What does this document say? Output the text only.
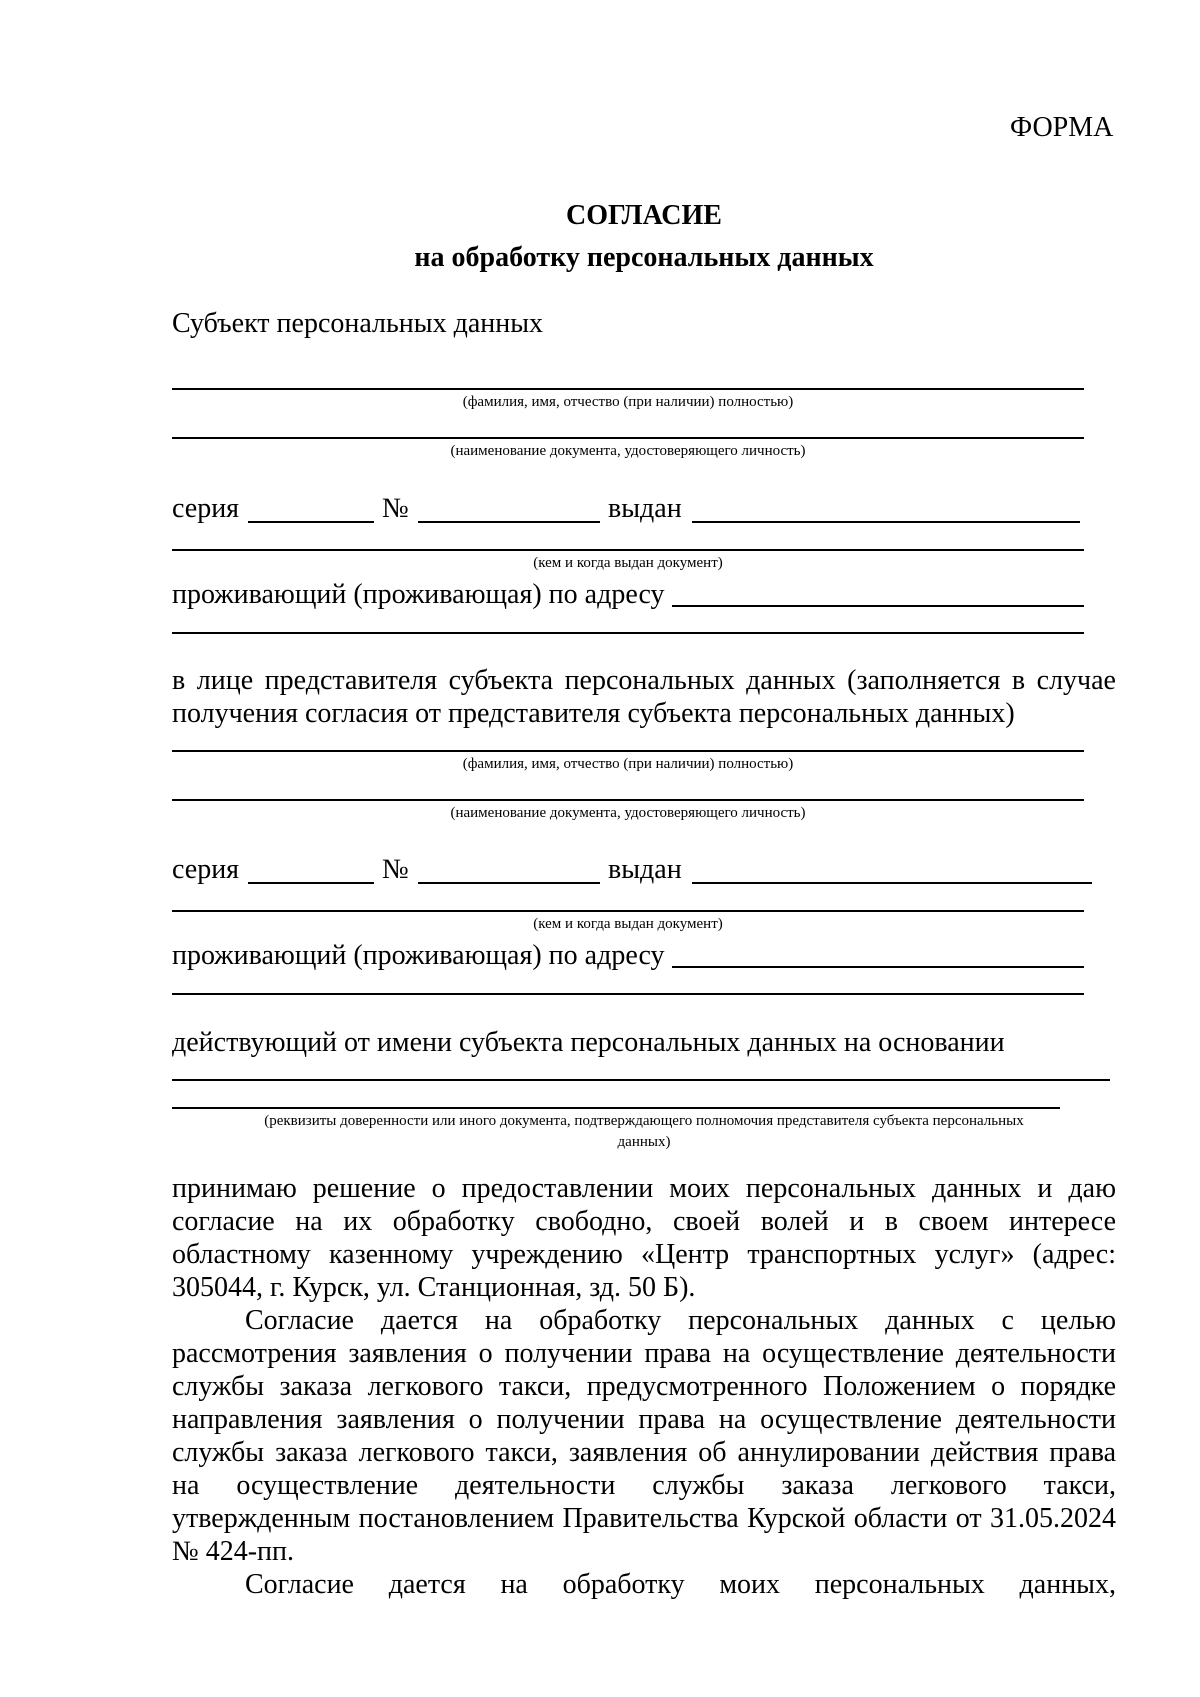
ФОРМА
СОГЛАСИЕ
на обработку персональных данных
Субъект персональных данных
(фамилия, имя, отчество (при наличии) полностью)
(наименование документа, удостоверяющего личность)
серия	№	выдан
(кем и когда выдан документ)
проживающий (проживающая) по адресу
в лице представителя субъекта персональных данных (заполняется в случае
получения согласия от представителя субъекта персональных данных)
(фамилия, имя, отчество (при наличии) полностью)
(наименование документа, удостоверяющего личность)
серия	№	выдан
(кем и когда выдан документ)
проживающий (проживающая) по адресу
действующий от имени субъекта персональных данных на основании
(реквизиты доверенности или иного документа, подтверждающего полномочия представителя субъекта персональных
данных)
принимаю решение о предоставлении моих персональных данных и даю
согласие на их обработку свободно, своей волей и в своем интересе
областному казенному учреждению «Центр транспортных услуг» (адрес:
305044, г. Курск, ул. Станционная, зд. 50 Б).
Согласие дается на обработку персональных данных с целью
рассмотрения заявления о получении права на осуществление деятельности
службы заказа легкового такси, предусмотренного Положением о порядке
направления заявления о получении права на осуществление деятельности
службы заказа легкового такси, заявления об аннулировании действия права
на осуществление деятельности службы заказа легкового такси,
утвержденным постановлением Правительства Курской области от 31.05.2024
№ 424-пп.
Согласие дается на обработку моих персональных данных,
